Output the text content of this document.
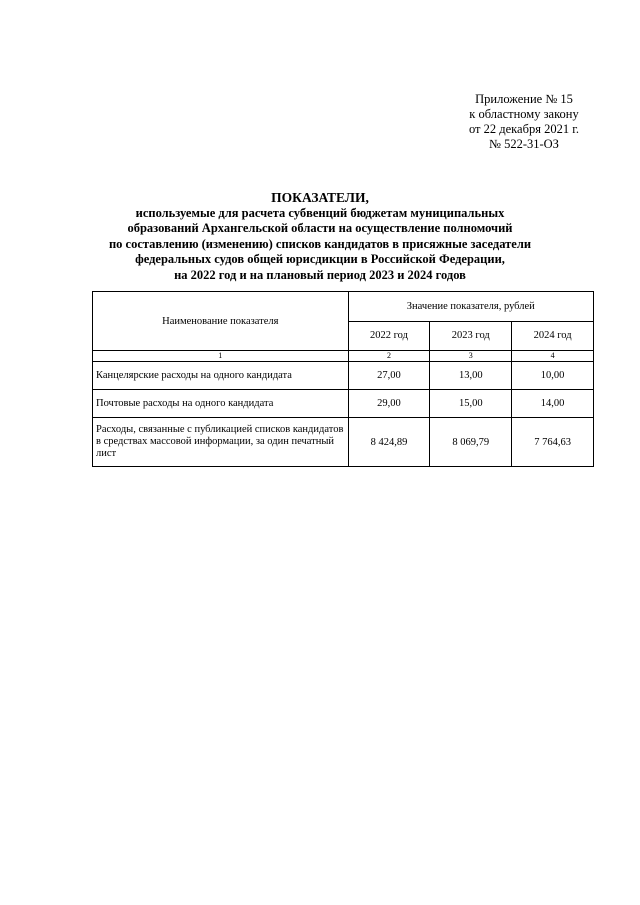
Приложение № 15
к областному закону
от 22 декабря 2021 г.
№ 522-31-ОЗ
ПОКАЗАТЕЛИ,
используемые для расчета субвенций бюджетам муниципальных
образований Архангельской области на осуществление полномочий
по составлению (изменению) списков кандидатов в присяжные заседатели
федеральных судов общей юрисдикции в Российской Федерации,
на 2022 год и на плановый период 2023 и 2024 годов
Наименование показателя	Значение показателя, рублей		
	2022 год	2023 год	2024 год
1	2	3	4
Канцелярские расходы на одного кандидата	27,00	13,00	10,00
Почтовые расходы на одного кандидата	29,00	15,00	14,00
Расходы, связанные с публикацией списков кандидатов в средствах массовой информации, за один печатный лист	8 424,89	8 069,79	7 764,63
